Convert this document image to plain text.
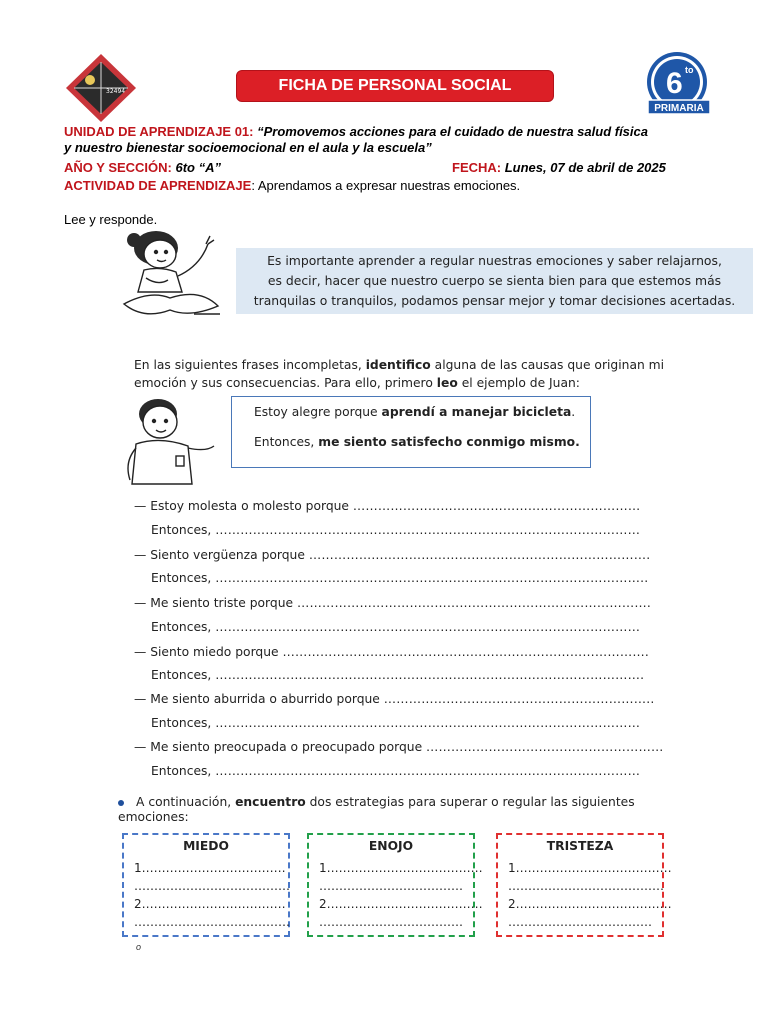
32494	FICHA DE PERSONAL SOCIAL	6 to
PRIMARIA
UNIDAD DE APRENDIZAJE 01: “Promovemos acciones para el cuidado de nuestra salud física
y nuestro bienestar socioemocional en el aula y la escuela”
AÑO Y SECCIÓN: 6to “A”	FECHA: Lunes, 07 de abril de 2025
ACTIVIDAD DE APRENDIZAJE: Aprendamos a expresar nuestras emociones.
Lee y responde.
Es importante aprender a regular nuestras emociones y saber relajarnos,
es decir, hacer que nuestro cuerpo se sienta bien para que estemos más
tranquilas o tranquilos, podamos pensar mejor y tomar decisiones acertadas.
En las siguientes frases incompletas, identifico alguna de las causas que originan mi emoción y sus consecuencias. Para ello, primero leo el ejemplo de Juan:
Estoy alegre porque aprendí a manejar bicicleta.
Entonces, me siento satisfecho conmigo mismo.
— Estoy molesta o molesto porque ……………………………………………………………
Entonces, …………………………………………………………………………………………
— Siento vergüenza porque ……………………………………………………………………….
Entonces, …………………………………………………………………………………………..
— Me siento triste porque ………………………………………………………………………….
Entonces, …………………………………………………………………………………………
— Siento miedo porque …………………………………………………………………………….
Entonces, ………………………………………………………………………………………….
— Me siento aburrida o aburrido porque ………………………………………………………..
Entonces, …………………………………………………………………………………………
— Me siento preocupada o preocupado porque …………………………………………………
Entonces, …………………………………………………………………………………………
A continuación, encuentro dos estrategias para superar o regular las siguientes emociones:
MIEDO
1………………………………
…………………………………
2………………………………
…………………………………
ENOJO
1…………………………………
………………………………
2…………………………………
………………………………
TRISTEZA
1…………………………………
…………………………………
2…………………………………
………………………………
o
